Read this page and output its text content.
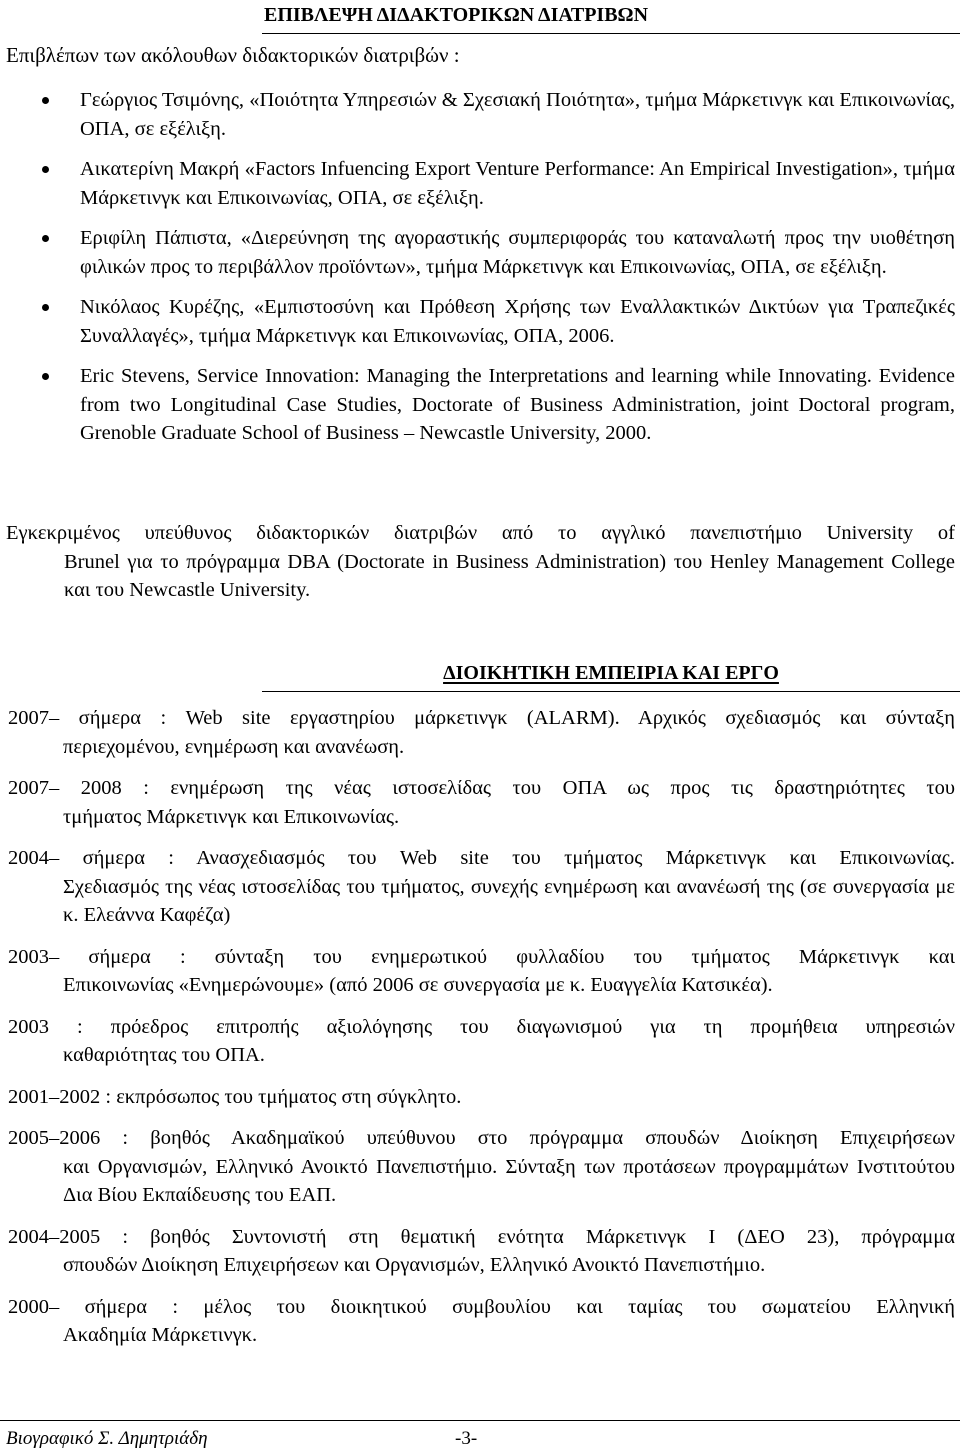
ΕΠΙΒΛΕΨΗ ΔΙΔΑΚΤΟΡΙΚΩΝ ΔΙΑΤΡΙΒΩΝ
Επιβλέπων των ακόλουθων διδακτορικών διατριβών :
Γεώργιος Τσιμόνης, «Ποιότητα Υπηρεσιών & Σχεσιακή Ποιότητα», τμήμα Μάρκετινγκ και Επικοινωνίας, ΟΠΑ, σε εξέλιξη.
Αικατερίνη Μακρή «Factors Infuencing Export Venture Performance: An Empirical Investigation», τμήμα Μάρκετινγκ και Επικοινωνίας, ΟΠΑ, σε εξέλιξη.
Εριφίλη Πάπιστα, «Διερεύνηση της αγοραστικής συμπεριφοράς του καταναλωτή προς την υιοθέτηση φιλικών προς το περιβάλλον προϊόντων», τμήμα Μάρκετινγκ και Επικοινωνίας, ΟΠΑ, σε εξέλιξη.
Νικόλαος Κυρέζης, «Εμπιστοσύνη και Πρόθεση Χρήσης των Εναλλακτικών Δικτύων για Τραπεζικές Συναλλαγές», τμήμα Μάρκετινγκ και Επικοινωνίας, ΟΠΑ, 2006.
Eric Stevens, Service Innovation: Managing the Interpretations and learning while Innovating. Evidence from two Longitudinal Case Studies, Doctorate of Business Administration, joint Doctoral program, Grenoble Graduate School of Business – Newcastle University, 2000.
Εγκεκριμένος υπεύθυνος διδακτορικών διατριβών από το αγγλικό πανεπιστήμιο University of
Brunel για το πρόγραμμα DBA (Doctorate in Business Administration) του Henley Management College και του Newcastle University.
ΔΙΟΙΚΗΤΙΚΗ ΕΜΠΕΙΡΙΑ ΚΑΙ ΕΡΓΟ
2007– σήμερα : Web site εργαστηρίου μάρκετινγκ (ALARM). Αρχικός σχεδιασμός και σύνταξη
περιεχομένου, ενημέρωση και ανανέωση.
2007– 2008 : ενημέρωση της νέας ιστοσελίδας του ΟΠΑ ως προς τις δραστηριότητες του
τμήματος Μάρκετινγκ και Επικοινωνίας.
2004– σήμερα : Ανασχεδιασμός του Web site του τμήματος Μάρκετινγκ και Επικοινωνίας.
Σχεδιασμός της νέας ιστοσελίδας του τμήματος, συνεχής ενημέρωση και ανανέωσή της (σε συνεργασία με κ. Ελεάννα Καφέζα)
2003– σήμερα : σύνταξη του ενημερωτικού φυλλαδίου του τμήματος Μάρκετινγκ και
Επικοινωνίας «Ενημερώνουμε» (από 2006 σε συνεργασία με κ. Ευαγγελία Κατσικέα).
2003 : πρόεδρος επιτροπής αξιολόγησης του διαγωνισμού για τη προμήθεια υπηρεσιών
καθαριότητας του ΟΠΑ.
2001–2002 : εκπρόσωπος του τμήματος στη σύγκλητο.
2005–2006 : βοηθός Ακαδημαϊκού υπεύθυνου στο πρόγραμμα σπουδών Διοίκηση Επιχειρήσεων
και Οργανισμών, Ελληνικό Ανοικτό Πανεπιστήμιο. Σύνταξη των προτάσεων προγραμμάτων Ινστιτούτου Δια Βίου Εκπαίδευσης του ΕΑΠ.
2004–2005 : βοηθός Συντονιστή στη θεματική ενότητα Μάρκετινγκ Ι (ΔΕΟ 23), πρόγραμμα
σπουδών Διοίκηση Επιχειρήσεων και Οργανισμών, Ελληνικό Ανοικτό Πανεπιστήμιο.
2000– σήμερα : μέλος του διοικητικού συμβουλίου και ταμίας του σωματείου Ελληνική
Ακαδημία Μάρκετινγκ.
Βιογραφικό Σ. Δημητριάδη	-3-
